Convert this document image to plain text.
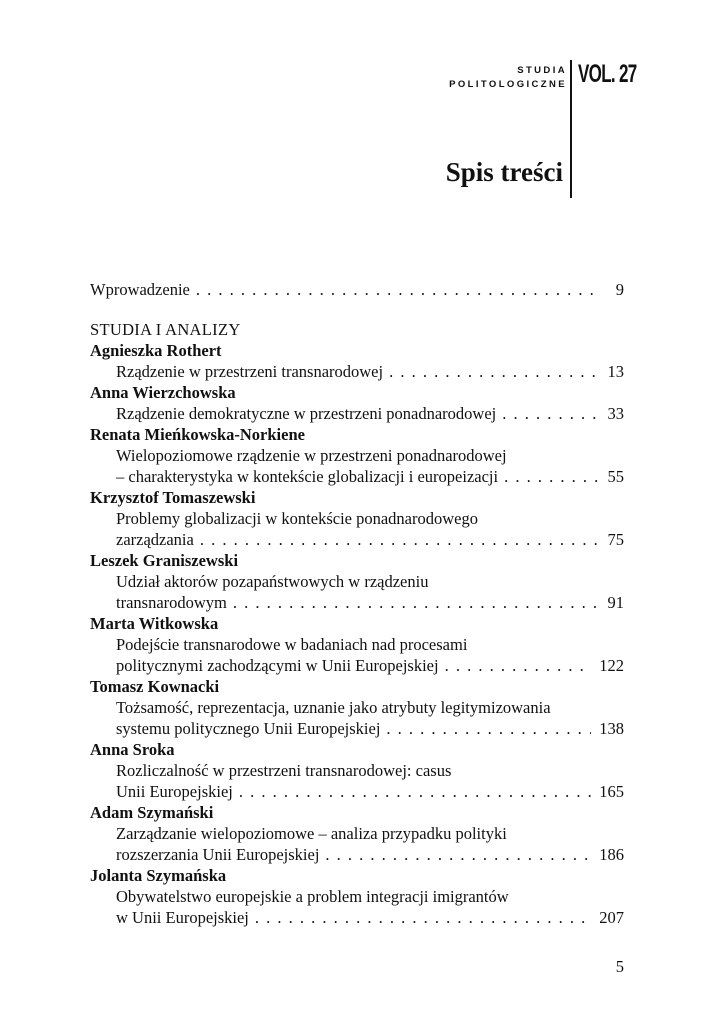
STUDIA
POLITOLOGICZNE VOL. 27
Spis treści
Wprowadzenie . . .	9
STUDIA I ANALIZY
Agnieszka Rothert
Rządzenie w przestrzeni transnarodowej . . .	13
Anna Wierzchowska
Rządzenie demokratyczne w przestrzeni ponadnarodowej . . .	33
Renata Mieńkowska-Norkiene
Wielopoziomowe rządzenie w przestrzeni ponadnarodowej
– charakterystyka w kontekście globalizacji i europeizacji . . .	55
Krzysztof Tomaszewski
Problemy globalizacji w kontekście ponadnarodowego
zarządzania . . .	75
Leszek Graniszewski
Udział aktorów pozapaństwowych w rządzeniu
transnarodowym . . .	91
Marta Witkowska
Podejście transnarodowe w badaniach nad procesami
politycznymi zachodzącymi w Unii Europejskiej . . .	122
Tomasz Kownacki
Tożsamość, reprezentacja, uznanie jako atrybuty legitymizowania
systemu politycznego Unii Europejskiej . . .	138
Anna Sroka
Rozliczalność w przestrzeni transnarodowej: casus
Unii Europejskiej . . .	165
Adam Szymański
Zarządzanie wielopoziomowe – analiza przypadku polityki
rozszerzania Unii Europejskiej . . .	186
Jolanta Szymańska
Obywatelstwo europejskie a problem integracji imigrantów
w Unii Europejskiej . . .	207
5
